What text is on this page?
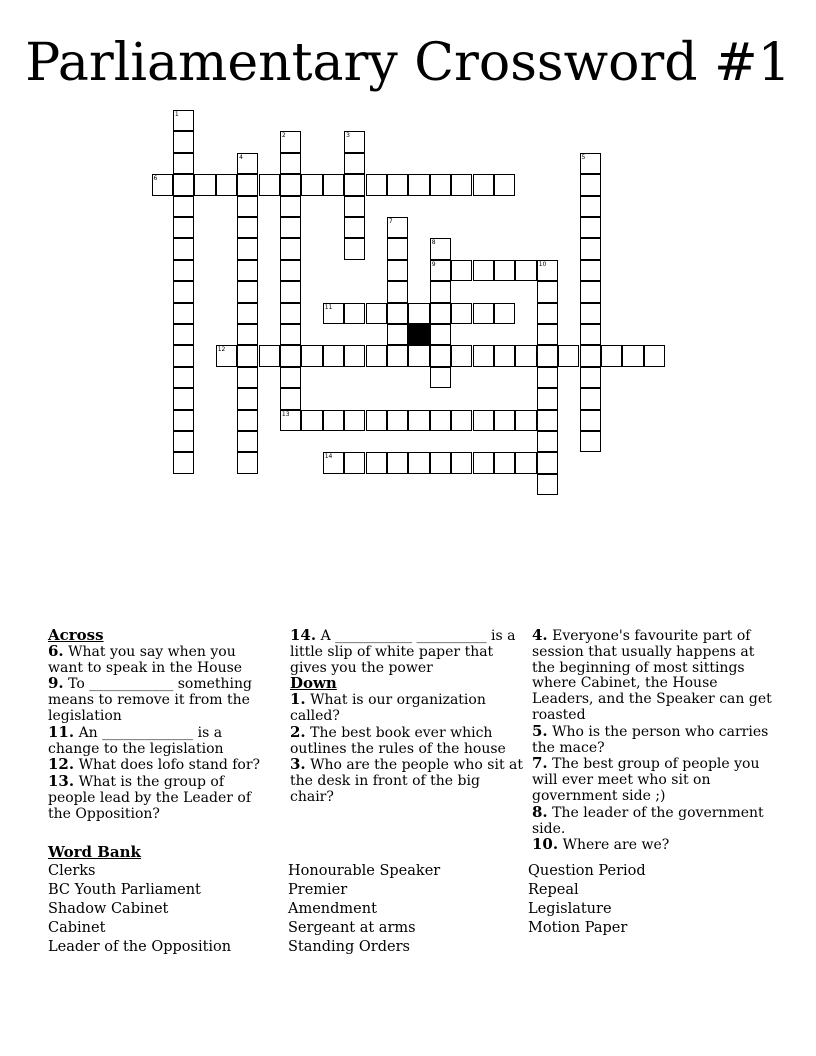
Parliamentary Crossword #1
1
2	3
4	5
6
7
8
9	10
11
12
13
14

Across

6. What you say when you want to speak in the House

9. To ____________ something means to remove it from the legislation

11. An _____________ is a change to the legislation

12. What does lofo stand for?

13. What is the group of people lead by the Leader of the Opposition?

14. A ___________ __________ is a little slip of white paper that gives you the power

Down

1. What is our organization called?

2. The best book ever which outlines the rules of the house

3. Who are the people who sit at the desk in front of the big chair?

4. Everyone's favourite part of session that usually happens at the beginning of most sittings where Cabinet, the House Leaders, and the Speaker can get roasted

5. Who is the person who carries the mace?

7. The best group of people you will ever meet who sit on government side ;)

8. The leader of the government side.

10. Where are we?

Word Bank
Clerks
BC Youth Parliament
Shadow Cabinet
Cabinet
Leader of the Opposition
Honourable Speaker
Premier
Amendment
Sergeant at arms
Standing Orders
Question Period
Repeal
Legislature
Motion Paper
